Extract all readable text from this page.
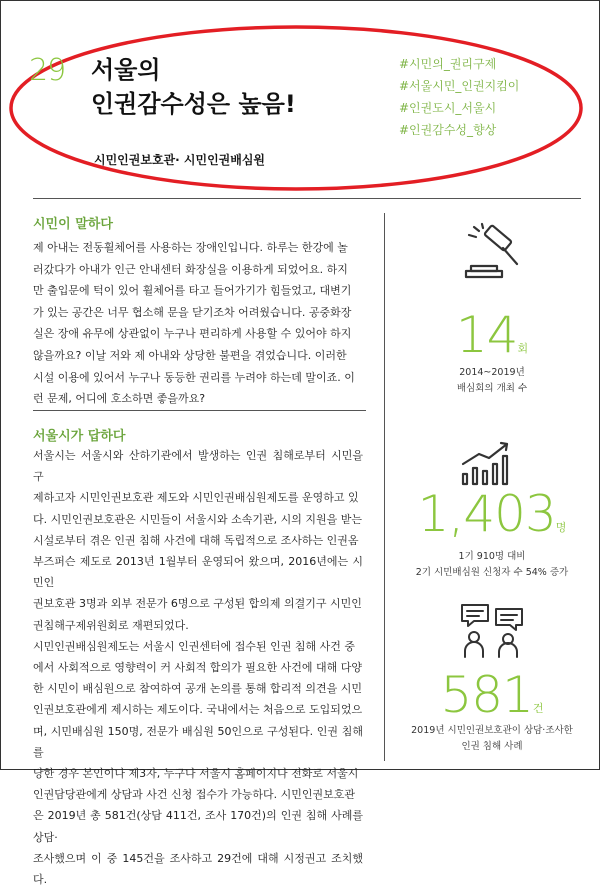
29 서울의
인권감수성은 높음!
시민인권보호관· 시민인권배심원
#시민의_권리구제
#서울시민_인권지킴이
#인권도시_서울시
#인권감수성_향상
시민이 말하다
제 아내는 전동휠체어를 사용하는 장애인입니다. 하루는 한강에 놀
러갔다가 아내가 인근 안내센터 화장실을 이용하게 되었어요. 하지
만 출입문에 턱이 있어 휠체어를 타고 들어가기가 힘들었고, 대변기
가 있는 공간은 너무 협소해 문을 닫기조차 어려웠습니다. 공중화장
실은 장애 유무에 상관없이 누구나 편리하게 사용할 수 있어야 하지
않을까요? 이날 저와 제 아내와 상당한 불편을 겪었습니다. 이러한
시설 이용에 있어서 누구나 동등한 권리를 누려야 하는데 말이죠. 이
런 문제, 어디에 호소하면 좋을까요?
서울시가 답하다
서울시는 서울시와 산하기관에서 발생하는 인권 침해로부터 시민을 구
제하고자 시민인권보호관 제도와 시민인권배심원제도를 운영하고 있
다. 시민인권보호관은 시민들이 서울시와 소속기관, 시의 지원을 받는
시설로부터 겪은 인권 침해 사건에 대해 독립적으로 조사하는 인권옴
부즈퍼슨 제도로 2013년 1월부터 운영되어 왔으며, 2016년에는 시민인
권보호관 3명과 외부 전문가 6명으로 구성된 합의제 의결기구 시민인
권침해구제위원회로 재편되었다.
시민인권배심원제도는 서울시 인권센터에 접수된 인권 침해 사건 중
에서 사회적으로 영향력이 커 사회적 합의가 필요한 사건에 대해 다양
한 시민이 배심원으로 참여하여 공개 논의를 통해 합리적 의견을 시민
인권보호관에게 제시하는 제도이다. 국내에서는 처음으로 도입되었으
며, 시민배심원 150명, 전문가 배심원 50인으로 구성된다. 인권 침해를
당한 경우 본인이나 제3자, 누구나 서울시 홈페이지나 전화로 서울시
인권담당관에게 상담과 사건 신청 접수가 가능하다. 시민인권보호관
은 2019년 총 581건(상담 411건, 조사 170건)의 인권 침해 사례를 상담·
조사했으며 이 중 145건을 조사하고 29건에 대해 시정권고 조치했다.
14회
2014~2019년
배심회의 개최 수
1,403명
1기 910명 대비
2기 시민배심원 신청자 수 54% 증가
581건
2019년 시민인권보호관이 상담·조사한
인권 침해 사례
